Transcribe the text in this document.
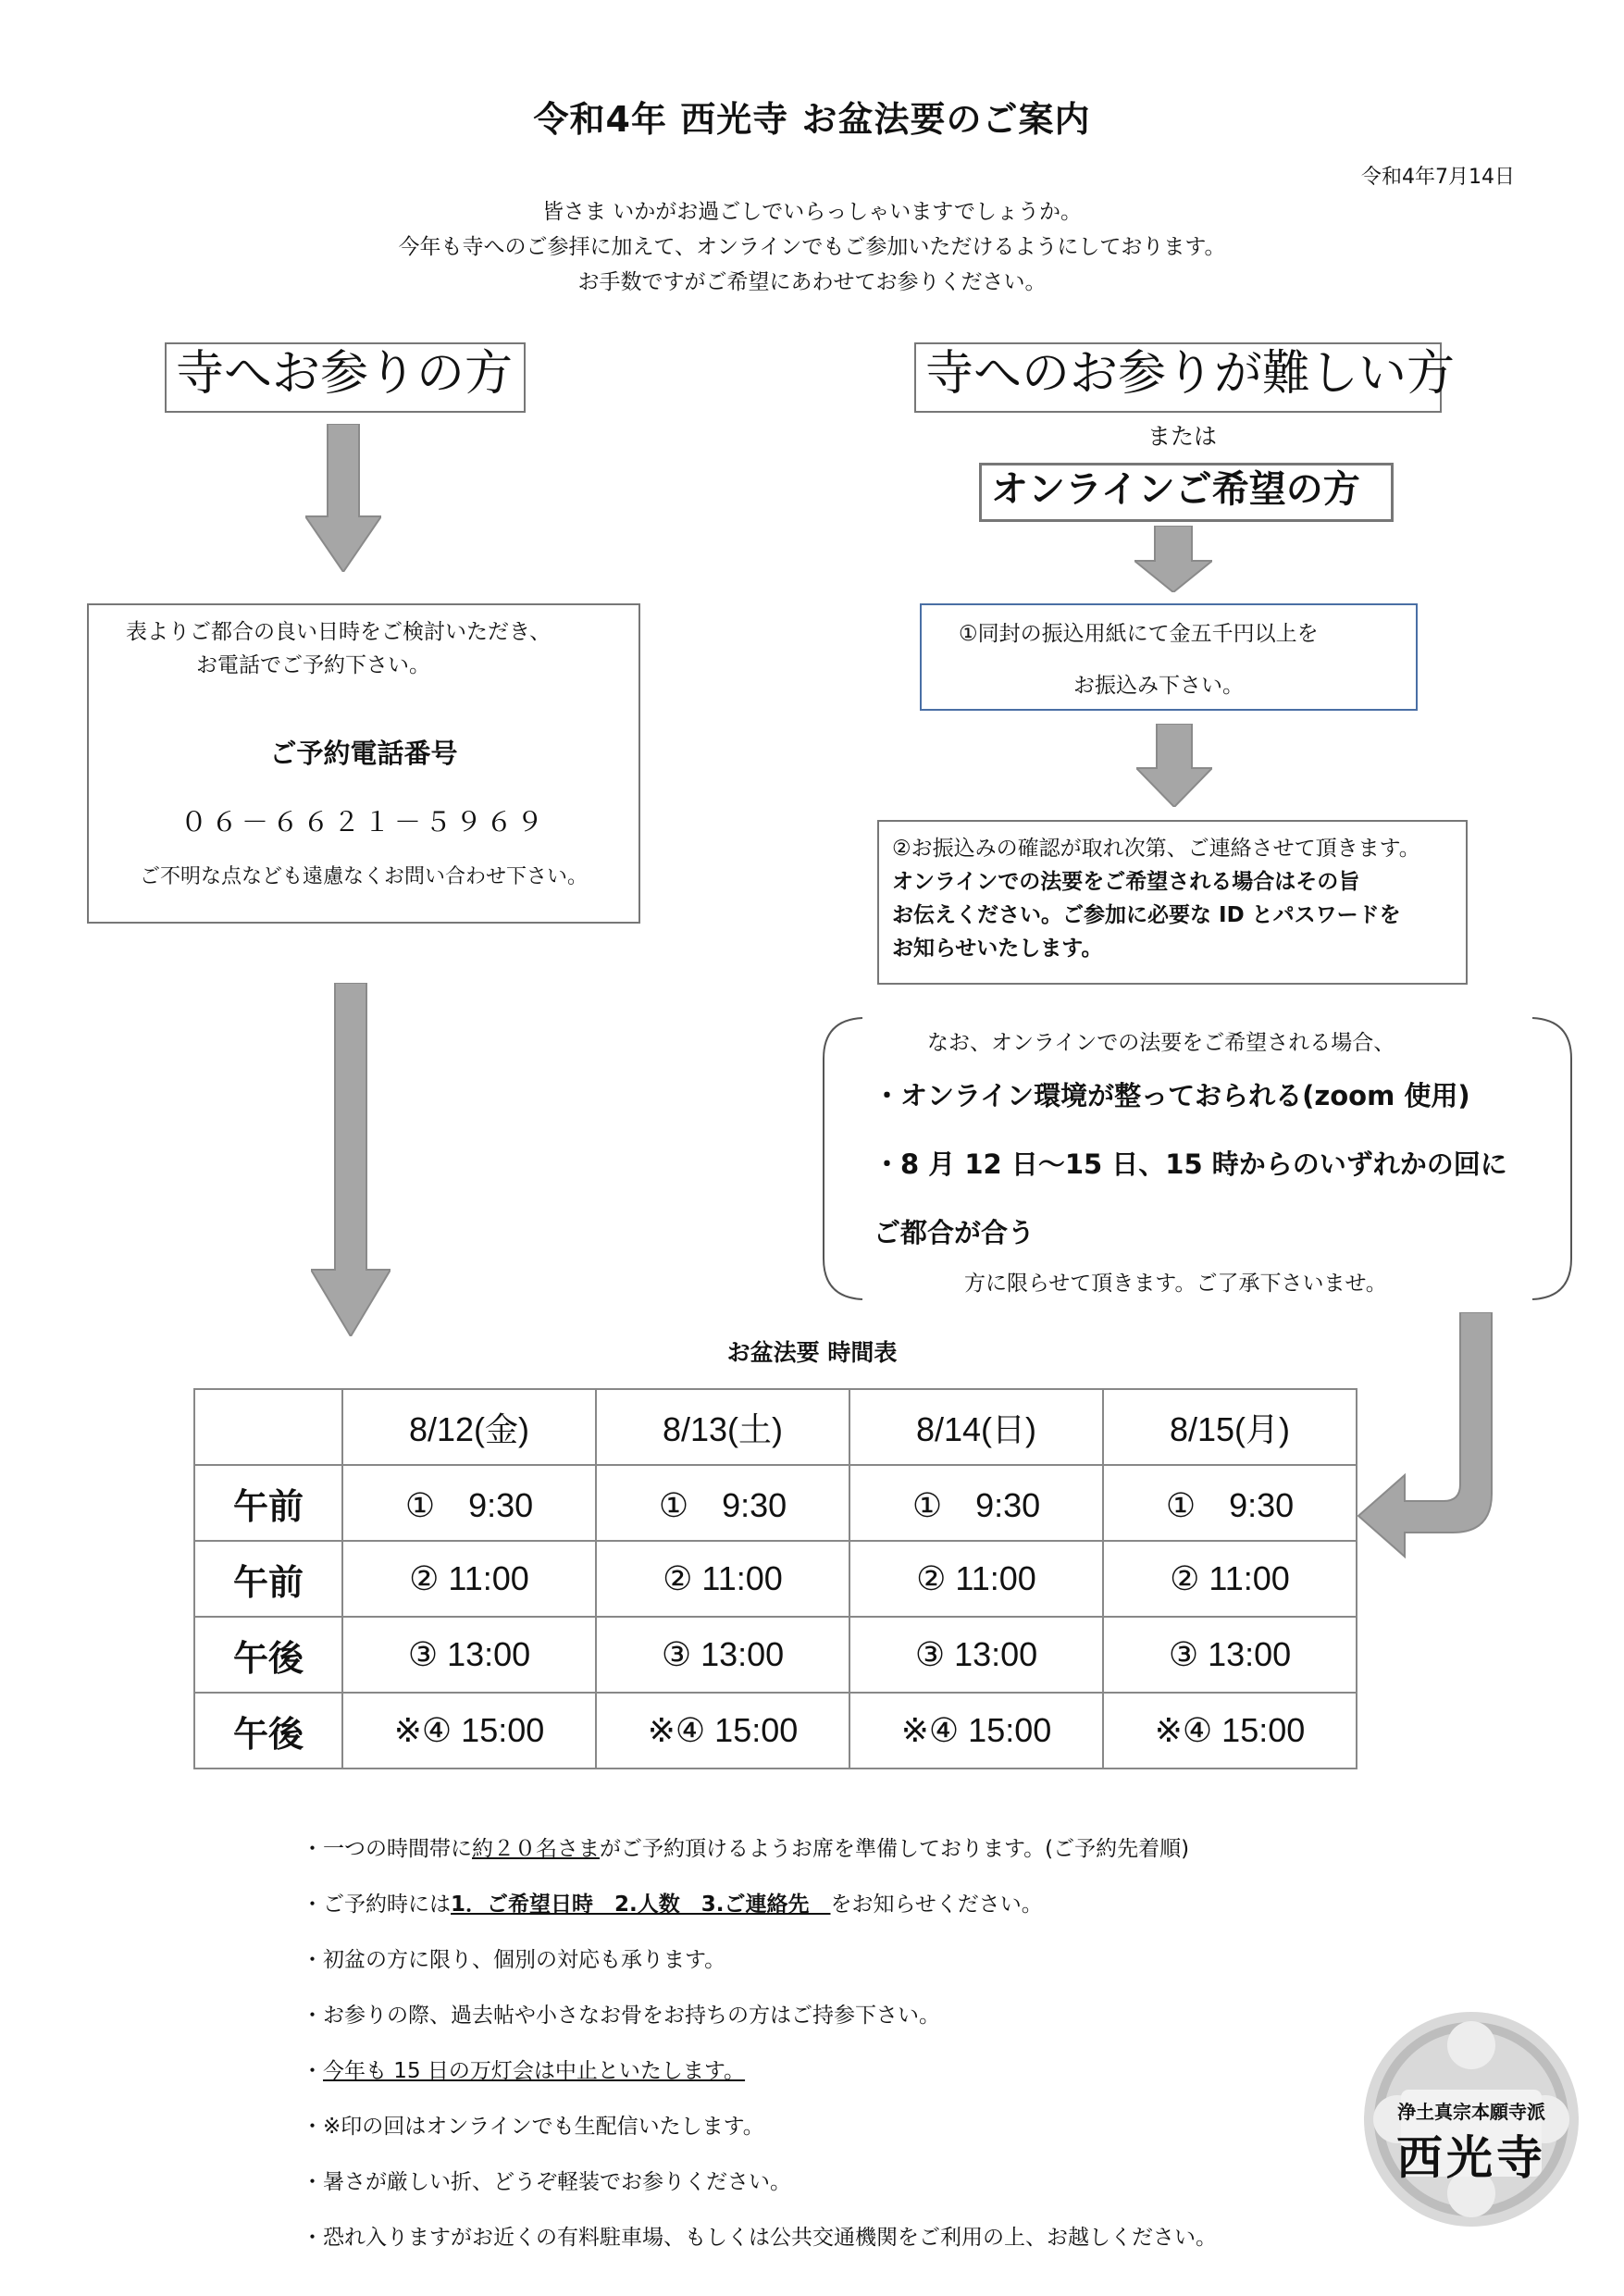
令和4年 西光寺 お盆法要のご案内
令和4年7月14日
皆さま いかがお過ごしでいらっしゃいますでしょうか。
今年も寺へのご参拝に加えて、オンラインでもご参加いただけるようにしております。
お手数ですがご希望にあわせてお参りください。
寺へお参りの方
表よりご都合の良い日時をご検討いただき、
お電話でご予約下さい。
ご予約電話番号
０６－６６２１－５９６９
ご不明な点なども遠慮なくお問い合わせ下さい。
寺へのお参りが難しい方
または
オンラインご希望の方
①同封の振込用紙にて金五千円以上を
お振込み下さい。
②お振込みの確認が取れ次第、ご連絡させて頂きます。
オンラインでの法要をご希望される場合はその旨
お伝えください。ご参加に必要な ID とパスワードを
お知らせいたします。
なお、オンラインでの法要をご希望される場合、
・オンライン環境が整っておられる(zoom 使用)
・8 月 12 日～15 日、15 時からのいずれかの回に
ご都合が合う
方に限らせて頂きます。ご了承下さいませ。
お盆法要 時間表
	8/12(金)	8/13(土)	8/14(日)	8/15(月)
午前	①　9:30	①　9:30	①　9:30	①　9:30
午前	② 11:00	② 11:00	② 11:00	② 11:00
午後	③ 13:00	③ 13:00	③ 13:00	③ 13:00
午後	※④ 15:00	※④ 15:00	※④ 15:00	※④ 15:00
・一つの時間帯に約２０名さまがご予約頂けるようお席を準備しております。(ご予約先着順)
・ご予約時には1．ご希望日時　2.人数　3.ご連絡先　をお知らせください。
・初盆の方に限り、個別の対応も承ります。
・お参りの際、過去帖や小さなお骨をお持ちの方はご持参下さい。
・今年も 15 日の万灯会は中止といたします。
・※印の回はオンラインでも生配信いたします。
・暑さが厳しい折、どうぞ軽装でお参りください。
・恐れ入りますがお近くの有料駐車場、もしくは公共交通機関をご利用の上、お越しください。
浄土真宗本願寺派
西光寺
